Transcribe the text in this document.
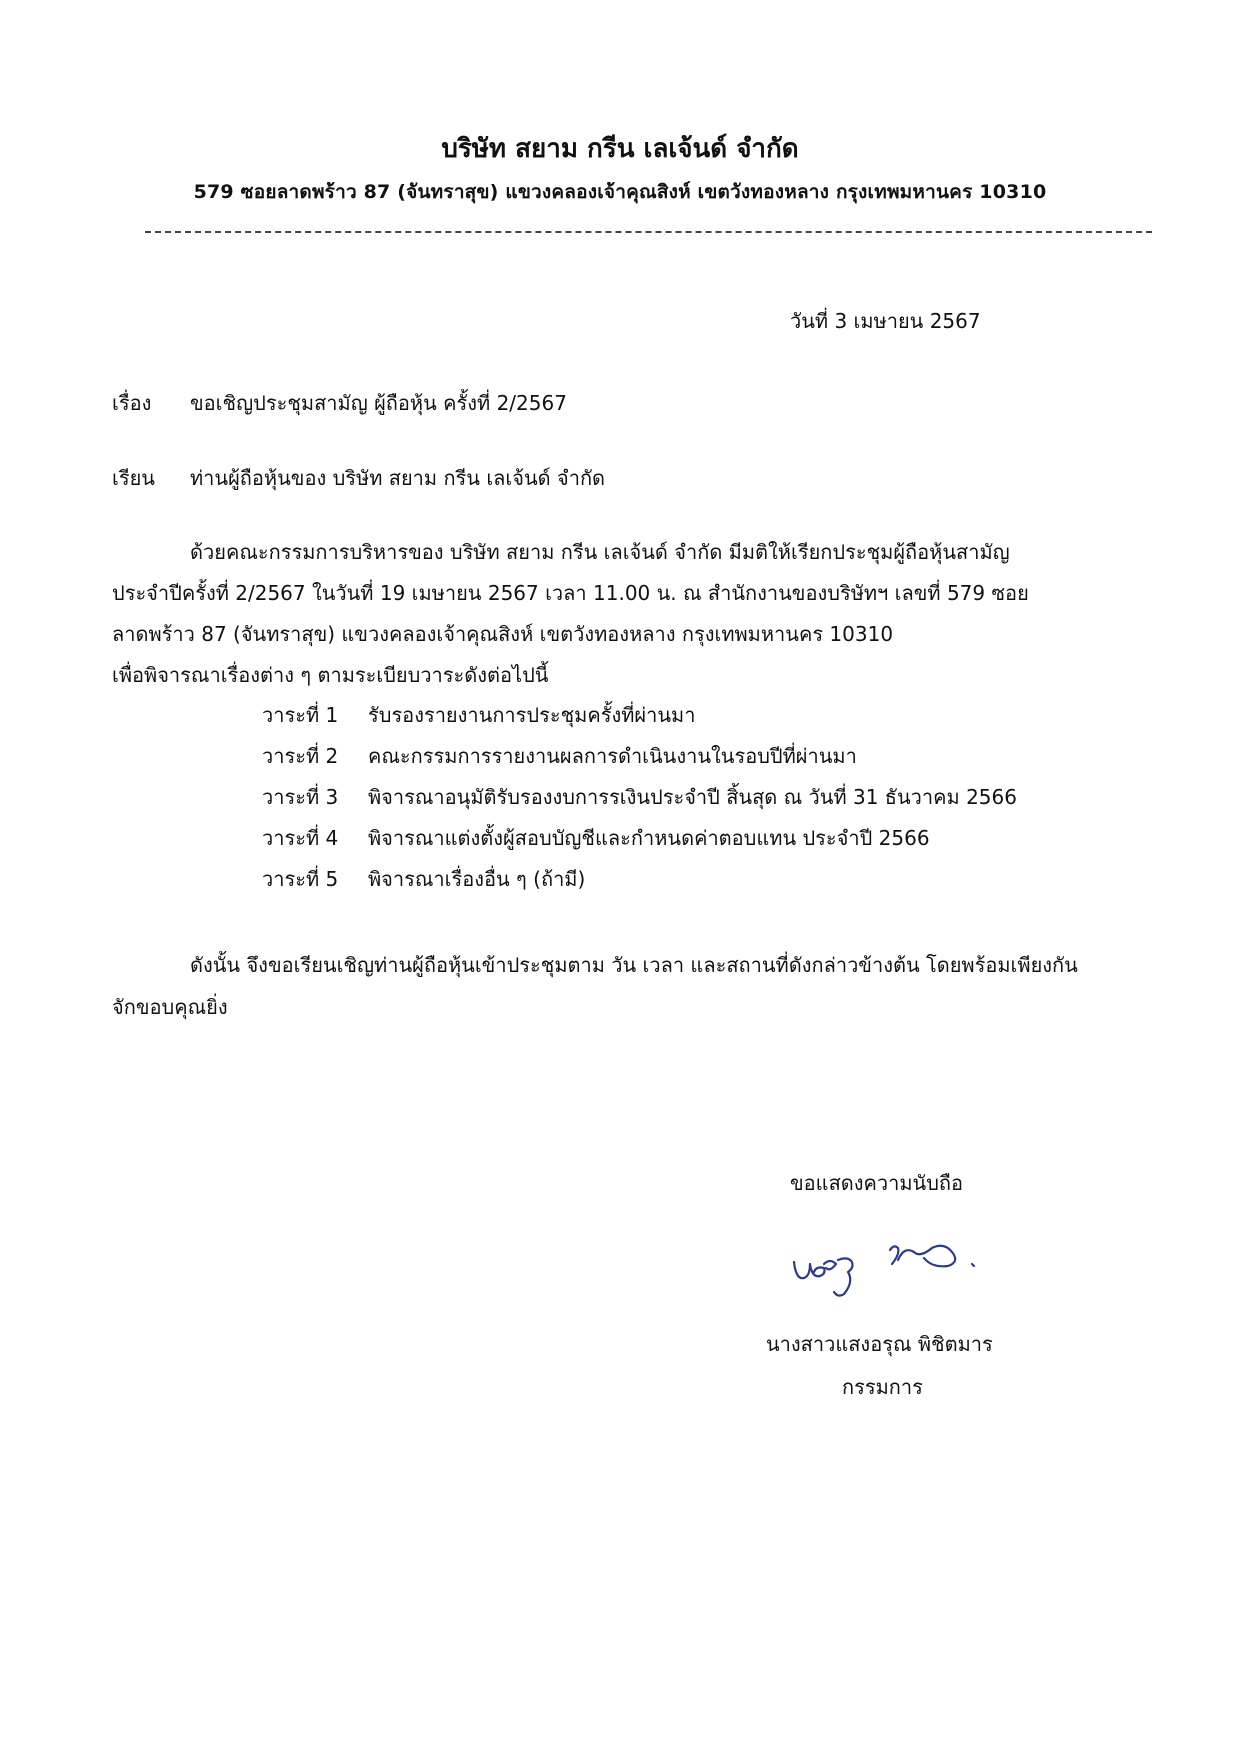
บริษัท สยาม กรีน เลเจ้นด์ จำกัด
579 ซอยลาดพร้าว 87 (จันทราสุข) แขวงคลองเจ้าคุณสิงห์ เขตวังทองหลาง กรุงเทพมหานคร 10310
วันที่ 3 เมษายน 2567
เรื่อง ขอเชิญประชุมสามัญ ผู้ถือหุ้น ครั้งที่ 2/2567
เรียน ท่านผู้ถือหุ้นของ บริษัท สยาม กรีน เลเจ้นด์ จำกัด
ด้วยคณะกรรมการบริหารของ บริษัท สยาม กรีน เลเจ้นด์ จำกัด มีมติให้เรียกประชุมผู้ถือหุ้นสามัญ
ประจำปีครั้งที่ 2/2567 ในวันที่ 19 เมษายน 2567 เวลา 11.00 น. ณ สำนักงานของบริษัทฯ เลขที่ 579 ซอย
ลาดพร้าว 87 (จันทราสุข) แขวงคลองเจ้าคุณสิงห์ เขตวังทองหลาง กรุงเทพมหานคร 10310
เพื่อพิจารณาเรื่องต่าง ๆ ตามระเบียบวาระดังต่อไปนี้
วาระที่ 1 รับรองรายงานการประชุมครั้งที่ผ่านมา
วาระที่ 2 คณะกรรมการรายงานผลการดำเนินงานในรอบปีที่ผ่านมา
วาระที่ 3 พิจารณาอนุมัติรับรองงบการรเงินประจำปี สิ้นสุด ณ วันที่ 31 ธันวาคม 2566
วาระที่ 4 พิจารณาแต่งตั้งผู้สอบบัญชีและกำหนดค่าตอบแทน ประจำปี 2566
วาระที่ 5 พิจารณาเรื่องอื่น ๆ (ถ้ามี)
ดังนั้น จึงขอเรียนเชิญท่านผู้ถือหุ้นเข้าประชุมตาม วัน เวลา และสถานที่ดังกล่าวข้างต้น โดยพร้อมเพียงกัน
จักขอบคุณยิ่ง
ขอแสดงความนับถือ
นางสาวแสงอรุณ พิชิตมาร
กรรมการ
